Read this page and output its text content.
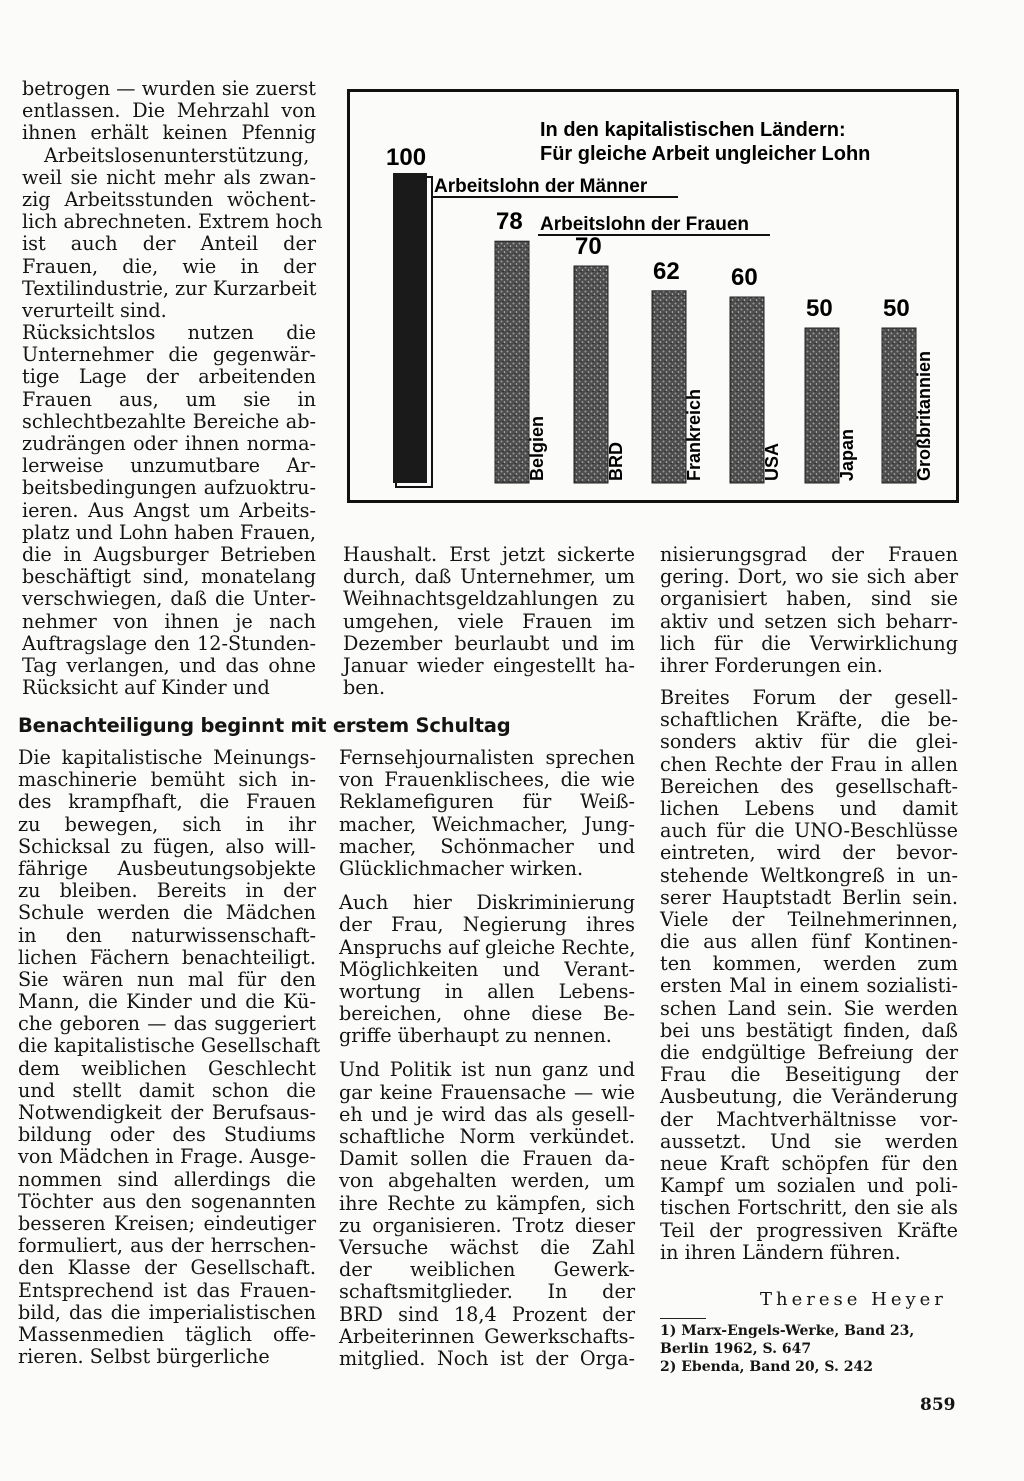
betrogen — wurden sie zuerst
entlassen. Die Mehrzahl von
ihnen erhält keinen Pfennig
Arbeitslosenunterstützung,
weil sie nicht mehr als zwan-
zig Arbeitsstunden wöchent-
lich abrechneten. Extrem hoch
ist auch der Anteil der
Frauen, die, wie in der
Textilindustrie, zur Kurzarbeit
verurteilt sind.
Rücksichtslos nutzen die
Unternehmer die gegenwär-
tige Lage der arbeitenden
Frauen aus, um sie in
schlechtbezahlte Bereiche ab-
zudrängen oder ihnen norma-
lerweise unzumutbare Ar-
beitsbedingungen aufzuoktru-
ieren. Aus Angst um Arbeits-
platz und Lohn haben Frauen,
die in Augsburger Betrieben
beschäftigt sind, monatelang
verschwiegen, daß die Unter-
nehmer von ihnen je nach
Auftragslage den 12-Stunden-
Tag verlangen, und das ohne
Rücksicht auf Kinder und
In den kapitalistischen Ländern:
Für gleiche Arbeit ungleicher Lohn
Arbeitslohn der Männer
Arbeitslohn der Frauen
100
78
Belgien
70
BRD
62
Frankreich
60
USA
50
Japan
50
Großbritannien
Haushalt. Erst jetzt sickerte
durch, daß Unternehmer, um
Weihnachtsgeldzahlungen zu
umgehen, viele Frauen im
Dezember beurlaubt und im
Januar wieder eingestellt ha-
ben.
nisierungsgrad der Frauen
gering. Dort, wo sie sich aber
organisiert haben, sind sie
aktiv und setzen sich beharr-
lich für die Verwirklichung
ihrer Forderungen ein.
Benachteiligung beginnt mit erstem Schultag
Die kapitalistische Meinungs-
maschinerie bemüht sich in-
des krampfhaft, die Frauen
zu bewegen, sich in ihr
Schicksal zu fügen, also will-
fährige Ausbeutungsobjekte
zu bleiben. Bereits in der
Schule werden die Mädchen
in den naturwissenschaft-
lichen Fächern benachteiligt.
Sie wären nun mal für den
Mann, die Kinder und die Kü-
che geboren — das suggeriert
die kapitalistische Gesellschaft
dem weiblichen Geschlecht
und stellt damit schon die
Notwendigkeit der Berufsaus-
bildung oder des Studiums
von Mädchen in Frage. Ausge-
nommen sind allerdings die
Töchter aus den sogenannten
besseren Kreisen; eindeutiger
formuliert, aus der herrschen-
den Klasse der Gesellschaft.
Entsprechend ist das Frauen-
bild, das die imperialistischen
Massenmedien täglich offe-
rieren. Selbst bürgerliche
Fernsehjournalisten sprechen
von Frauenklischees, die wie
Reklamefiguren für Weiß-
macher, Weichmacher, Jung-
macher, Schönmacher und
Glücklichmacher wirken.
Auch hier Diskriminierung
der Frau, Negierung ihres
Anspruchs auf gleiche Rechte,
Möglichkeiten und Verant-
wortung in allen Lebens-
bereichen, ohne diese Be-
griffe überhaupt zu nennen.
Und Politik ist nun ganz und
gar keine Frauensache — wie
eh und je wird das als gesell-
schaftliche Norm verkündet.
Damit sollen die Frauen da-
von abgehalten werden, um
ihre Rechte zu kämpfen, sich
zu organisieren. Trotz dieser
Versuche wächst die Zahl
der weiblichen Gewerk-
schaftsmitglieder. In der
BRD sind 18,4 Prozent der
Arbeiterinnen Gewerkschafts-
mitglied. Noch ist der Orga-
Breites Forum der gesell-
schaftlichen Kräfte, die be-
sonders aktiv für die glei-
chen Rechte der Frau in allen
Bereichen des gesellschaft-
lichen Lebens und damit
auch für die UNO-Beschlüsse
eintreten, wird der bevor-
stehende Weltkongreß in un-
serer Hauptstadt Berlin sein.
Viele der Teilnehmerinnen,
die aus allen fünf Kontinen-
ten kommen, werden zum
ersten Mal in einem sozialisti-
schen Land sein. Sie werden
bei uns bestätigt finden, daß
die endgültige Befreiung der
Frau die Beseitigung der
Ausbeutung, die Veränderung
der Machtverhältnisse vor-
aussetzt. Und sie werden
neue Kraft schöpfen für den
Kampf um sozialen und poli-
tischen Fortschritt, den sie als
Teil der progressiven Kräfte
in ihren Ländern führen.
Therese Heyer
1) Marx-Engels-Werke, Band 23,
Berlin 1962, S. 647
2) Ebenda, Band 20, S. 242
859
